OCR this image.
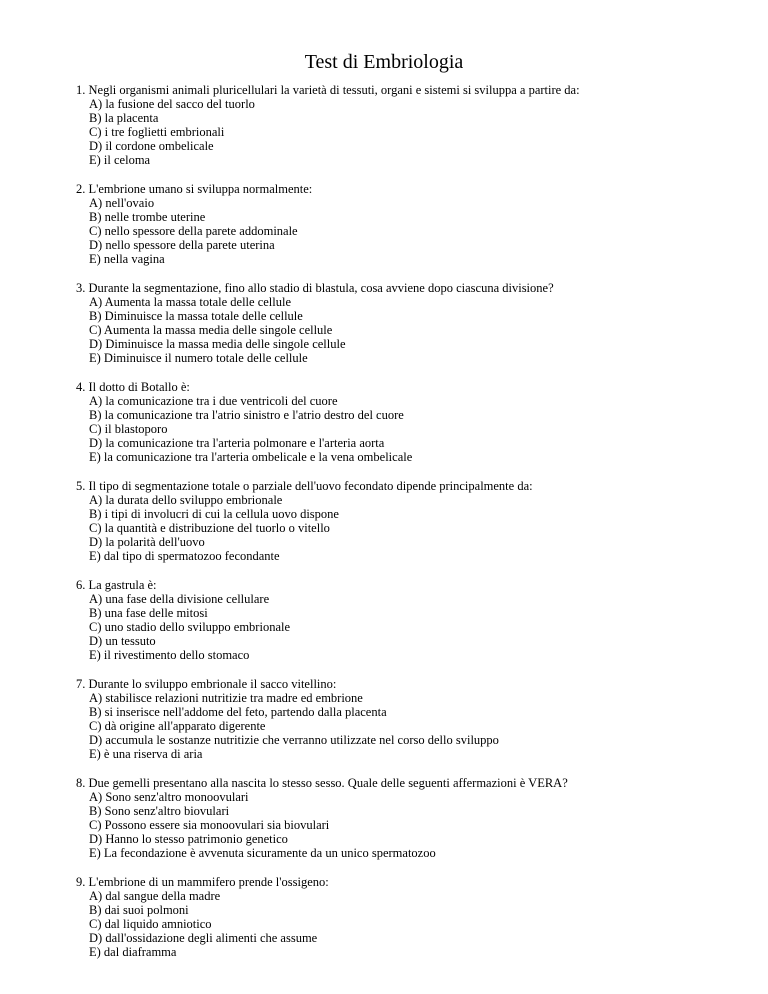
Test di Embriologia
1. Negli organismi animali pluricellulari la varietà di tessuti, organi e sistemi si sviluppa a partire da:
A) la fusione del sacco del tuorlo
B) la placenta
C) i tre foglietti embrionali
D) il cordone ombelicale
E) il celoma
2. L'embrione umano si sviluppa normalmente:
A) nell'ovaio
B) nelle trombe uterine
C) nello spessore della parete addominale
D) nello spessore della parete uterina
E) nella vagina
3. Durante la segmentazione, fino allo stadio di blastula, cosa avviene dopo ciascuna divisione?
A) Aumenta la massa totale delle cellule
B) Diminuisce la massa totale delle cellule
C) Aumenta la massa media delle singole cellule
D) Diminuisce la massa media delle singole cellule
E) Diminuisce il numero totale delle cellule
4. Il dotto di Botallo è:
A) la comunicazione tra i due ventricoli del cuore
B) la comunicazione tra l'atrio sinistro e l'atrio destro del cuore
C) il blastoporo
D) la comunicazione tra l'arteria polmonare e l'arteria aorta
E) la comunicazione tra l'arteria ombelicale e la vena ombelicale
5. Il tipo di segmentazione totale o parziale dell'uovo fecondato dipende principalmente da:
A) la durata dello sviluppo embrionale
B) i tipi di involucri di cui la cellula uovo dispone
C) la quantità e distribuzione del tuorlo o vitello
D) la polarità dell'uovo
E) dal tipo di spermatozoo fecondante
6. La gastrula è:
A) una fase della divisione cellulare
B) una fase delle mitosi
C) uno stadio dello sviluppo embrionale
D) un tessuto
E) il rivestimento dello stomaco
7. Durante lo sviluppo embrionale il sacco vitellino:
A) stabilisce relazioni nutritizie tra madre ed embrione
B) si inserisce nell'addome del feto, partendo dalla placenta
C) dà origine all'apparato digerente
D) accumula le sostanze nutritizie che verranno utilizzate nel corso dello sviluppo
E) è una riserva di aria
8. Due gemelli presentano alla nascita lo stesso sesso. Quale delle seguenti affermazioni è VERA?
A) Sono senz'altro monoovulari
B) Sono senz'altro biovulari
C) Possono essere sia monoovulari sia biovulari
D) Hanno lo stesso patrimonio genetico
E) La fecondazione è avvenuta sicuramente da un unico spermatozoo
9. L'embrione di un mammifero prende l'ossigeno:
A) dal sangue della madre
B) dai suoi polmoni
C) dal liquido amniotico
D) dall'ossidazione degli alimenti che assume
E) dal diaframma
